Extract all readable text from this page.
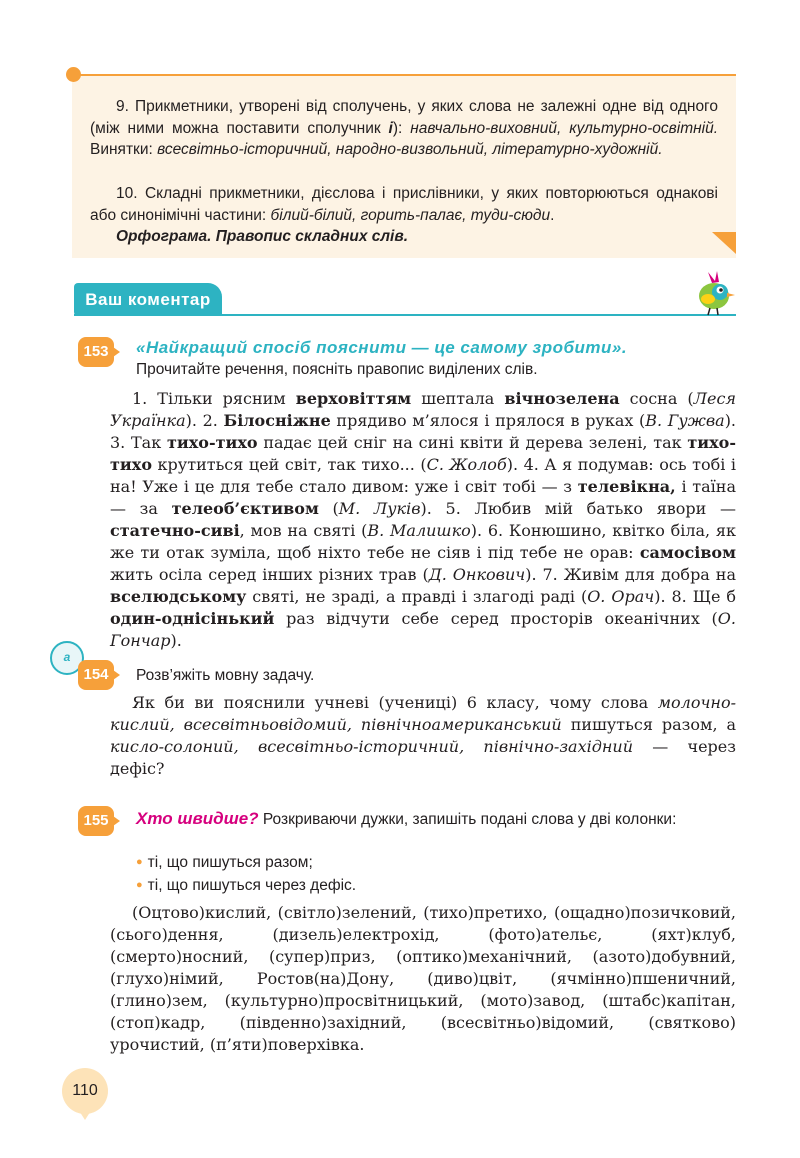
9. Прикметники, утворені від сполучень, у яких слова не залежні одне від одного (між ними можна поставити сполучник і): навчально-виховний, культурно-освітній. Винятки: всесвітньо-історичний, народно-визвольний, літературно-художній.

10. Складні прикметники, дієслова і прислівники, у яких повторюються однакові або синонімічні частини: білий-білий, горить-палає, туди-сюди.

Орфограма. Правопис складних слів.

Ваш коментар
153	«Найкращий спосіб пояснити — це самому зробити».

Прочитайте речення, поясніть правопис виділених слів.

1. Тільки рясним верховіттям шептала вічнозелена сосна (Леся Українка). 2. Білосніжне прядиво м’ялося і прялося в руках (В. Гужва). 3. Так тихо-тихо падає цей сніг на сині квіти й дерева зелені, так тихо-тихо крутиться цей світ, так тихо... (С. Жолоб). 4. А я подумав: ось тобі і на! Уже і це для тебе стало дивом: уже і світ тобі — з телевікна, і таїна — за телеоб’єктивом (М. Луків). 5. Любив мій батько явори — статечно-сиві, мов на святі (В. Малишко). 6. Конюшино, квітко біла, як же ти отак зуміла, щоб ніхто тебе не сіяв і під тебе не орав: самосівом жить осіла серед інших різних трав (Д. Онкович). 7. Живім для добра на вселюдському святі, не зраді, а правді і злагоді раді (О. Орач). 8. Ще б один-однісінький раз відчути себе серед просторів океанічних (О. Гончар).

a
154	Розв’яжіть мовну задачу.

Як би ви пояснили учневі (учениці) 6 класу, чому слова молочно-кислий, всесвітньовідомий, північноамериканський пишуться разом, а кисло-солоний, всесвітньо-історичний, північно-західний — через дефіс?

155	Хто швидше? Розкриваючи дужки, запишіть подані слова у дві колонки:

● ті, що пишуться разом;
● ті, що пишуться через дефіс.

(Оцтово)кислий, (світло)зелений, (тихо)претихо, (ощадно)позичковий, (сього)дення, (дизель)електрохід, (фото)ательє, (яхт)клуб, (смерто)носний, (супер)приз, (оптико)механічний, (азото)добувний, (глухо)німий, Ростов(на)Дону, (диво)цвіт, (ячмінно)пшеничний, (глино)зем, (культурно)просвітницький, (мото)завод, (штабс)капітан, (стоп)кадр, (південно)західний, (всесвітньо)відомий, (святково) урочистий, (п’яти)поверхівка.

110
